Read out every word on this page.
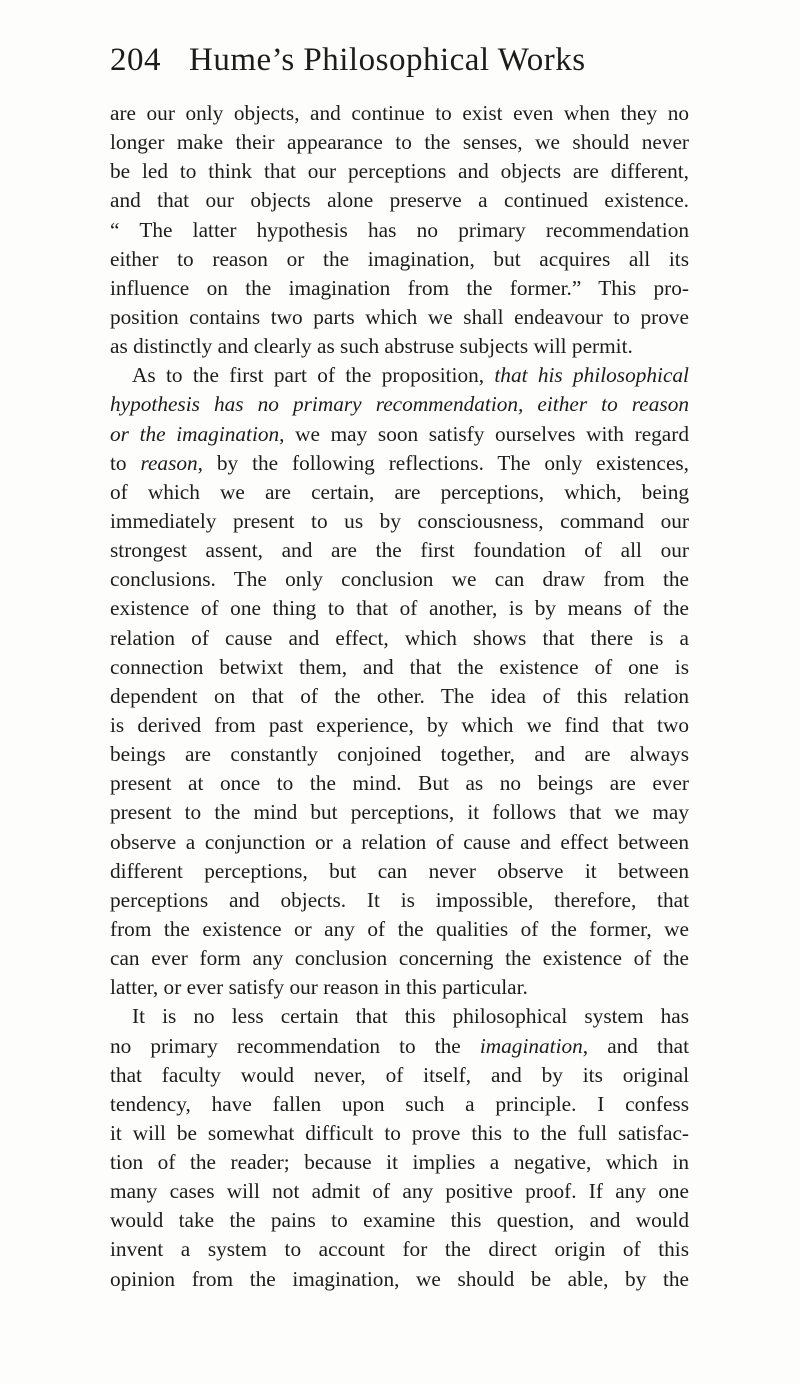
204 Hume’s Philosophical Works
are our only objects, and continue to exist even when they no
longer make their appearance to the senses, we should never
be led to think that our perceptions and objects are different,
and that our objects alone preserve a continued existence.
“ The latter hypothesis has no primary recommendation
either to reason or the imagination, but acquires all its
influence on the imagination from the former.” This pro-
position contains two parts which we shall endeavour to prove
as distinctly and clearly as such abstruse subjects will permit.
As to the first part of the proposition, that his philosophical
hypothesis has no primary recommendation, either to reason
or the imagination, we may soon satisfy ourselves with regard
to reason, by the following reflections. The only existences,
of which we are certain, are perceptions, which, being
immediately present to us by consciousness, command our
strongest assent, and are the first foundation of all our
conclusions. The only conclusion we can draw from the
existence of one thing to that of another, is by means of the
relation of cause and effect, which shows that there is a
connection betwixt them, and that the existence of one is
dependent on that of the other. The idea of this relation
is derived from past experience, by which we find that two
beings are constantly conjoined together, and are always
present at once to the mind. But as no beings are ever
present to the mind but perceptions, it follows that we may
observe a conjunction or a relation of cause and effect between
different perceptions, but can never observe it between
perceptions and objects. It is impossible, therefore, that
from the existence or any of the qualities of the former, we
can ever form any conclusion concerning the existence of the
latter, or ever satisfy our reason in this particular.
It is no less certain that this philosophical system has
no primary recommendation to the imagination, and that
that faculty would never, of itself, and by its original
tendency, have fallen upon such a principle. I confess
it will be somewhat difficult to prove this to the full satisfac-
tion of the reader; because it implies a negative, which in
many cases will not admit of any positive proof. If any one
would take the pains to examine this question, and would
invent a system to account for the direct origin of this
opinion from the imagination, we should be able, by the
